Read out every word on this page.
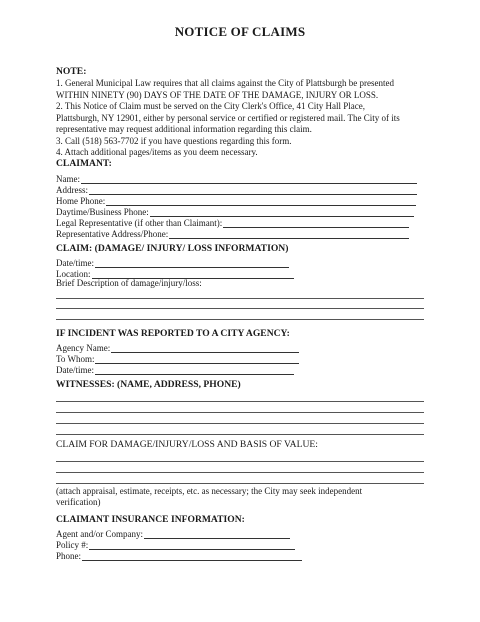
NOTICE OF CLAIMS
NOTE:
1. General Municipal Law requires that all claims against the City of Plattsburgh be presented
WITHIN NINETY (90) DAYS OF THE DATE OF THE DAMAGE, INJURY OR LOSS.
2. This Notice of Claim must be served on the City Clerk's Office, 41 City Hall Place,
Plattsburgh, NY 12901, either by personal service or certified or registered mail. The City of its
representative may request additional information regarding this claim.
3. Call (518) 563-7702 if you have questions regarding this form.
4. Attach additional pages/items as you deem necessary.
CLAIMANT:
Name:
Address:
Home Phone:
Daytime/Business Phone:
Legal Representative (if other than Claimant):
Representative Address/Phone:
CLAIM: (DAMAGE/ INJURY/ LOSS INFORMATION)
Date/time:
Location:
Brief Description of damage/injury/loss:
IF INCIDENT WAS REPORTED TO A CITY AGENCY:
Agency Name:
To Whom:
Date/time:
WITNESSES: (NAME, ADDRESS, PHONE)
CLAIM FOR DAMAGE/INJURY/LOSS AND BASIS OF VALUE:
(attach appraisal, estimate, receipts, etc. as necessary; the City may seek independent
verification)
CLAIMANT INSURANCE INFORMATION:
Agent and/or Company:
Policy #:
Phone:
